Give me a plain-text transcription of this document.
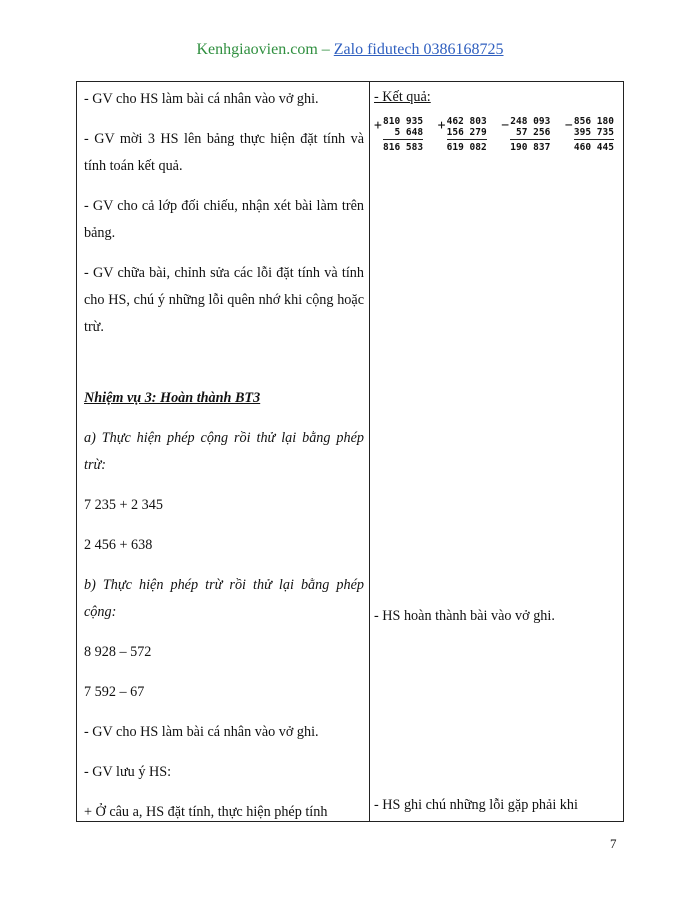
Kenhgiaovien.com – Zalo fidutech 0386168725

- GV cho HS làm bài cá nhân vào vở ghi.

- GV mời 3 HS lên bảng thực hiện đặt tính và tính toán kết quả.

- GV cho cả lớp đối chiếu, nhận xét bài làm trên bảng.

- GV chữa bài, chỉnh sửa các lỗi đặt tính và tính cho HS, chú ý những lỗi quên nhớ khi cộng hoặc trừ.

Nhiệm vụ 3: Hoàn thành BT3

a) Thực hiện phép cộng rồi thử lại bằng phép trừ:

7 235 + 2 345

2 456 + 638

b) Thực hiện phép trừ rồi thử lại bằng phép cộng:

8 928 – 572

7 592 – 67

- GV cho HS làm bài cá nhân vào vở ghi.

- GV lưu ý HS:

+ Ở câu a, HS đặt tính, thực hiện phép tính

- Kết quả:
+ 810 935
5 648
816 583
+ 462 803
156 279
619 082
− 248 093
57 256
190 837
− 856 180
395 735
460 445
- HS hoàn thành bài vào vở ghi.
- HS ghi chú những lỗi gặp phải khi
7
